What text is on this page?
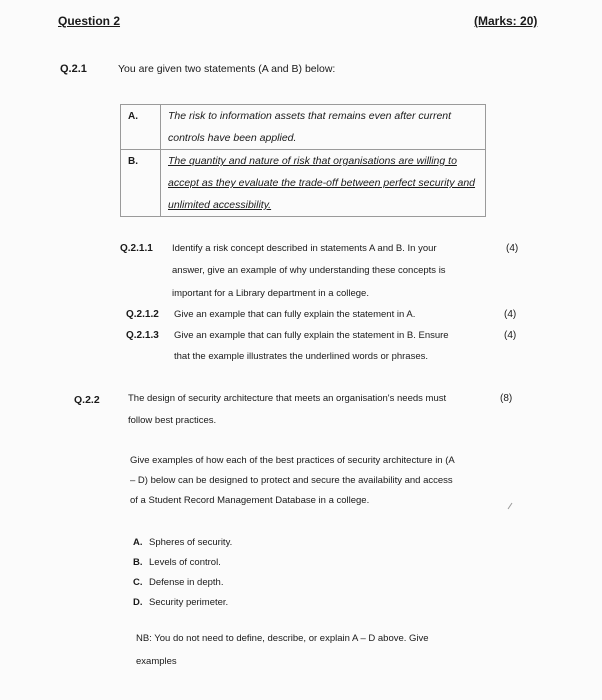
Question 2	(Marks: 20)
Q.2.1	You are given two statements (A and B) below:
A.	The risk to information assets that remains even after current
controls have been applied.

B.	The quantity and nature of risk that organisations are willing to
accept as they evaluate the trade-off between perfect security and
unlimited accessibility.
Q.2.1.1 Identify a risk concept described in statements A and B. In your
answer, give an example of why understanding these concepts is
important for a Library department in a college.
(4)
Q.2.1.2 Give an example that can fully explain the statement in A.	(4)
Q.2.1.3 Give an example that can fully explain the statement in B. Ensure
that the example illustrates the underlined words or phrases.
(4)
Q.2.2	The design of security architecture that meets an organisation's needs must
follow best practices.
(8)
Give examples of how each of the best practices of security architecture in (A
– D) below can be designed to protect and secure the availability and access
of a Student Record Management Database in a college.
A. Spheres of security.
B. Levels of control.
C. Defense in depth.
D. Security perimeter.
NB: You do not need to define, describe, or explain A – D above. Give
examples
